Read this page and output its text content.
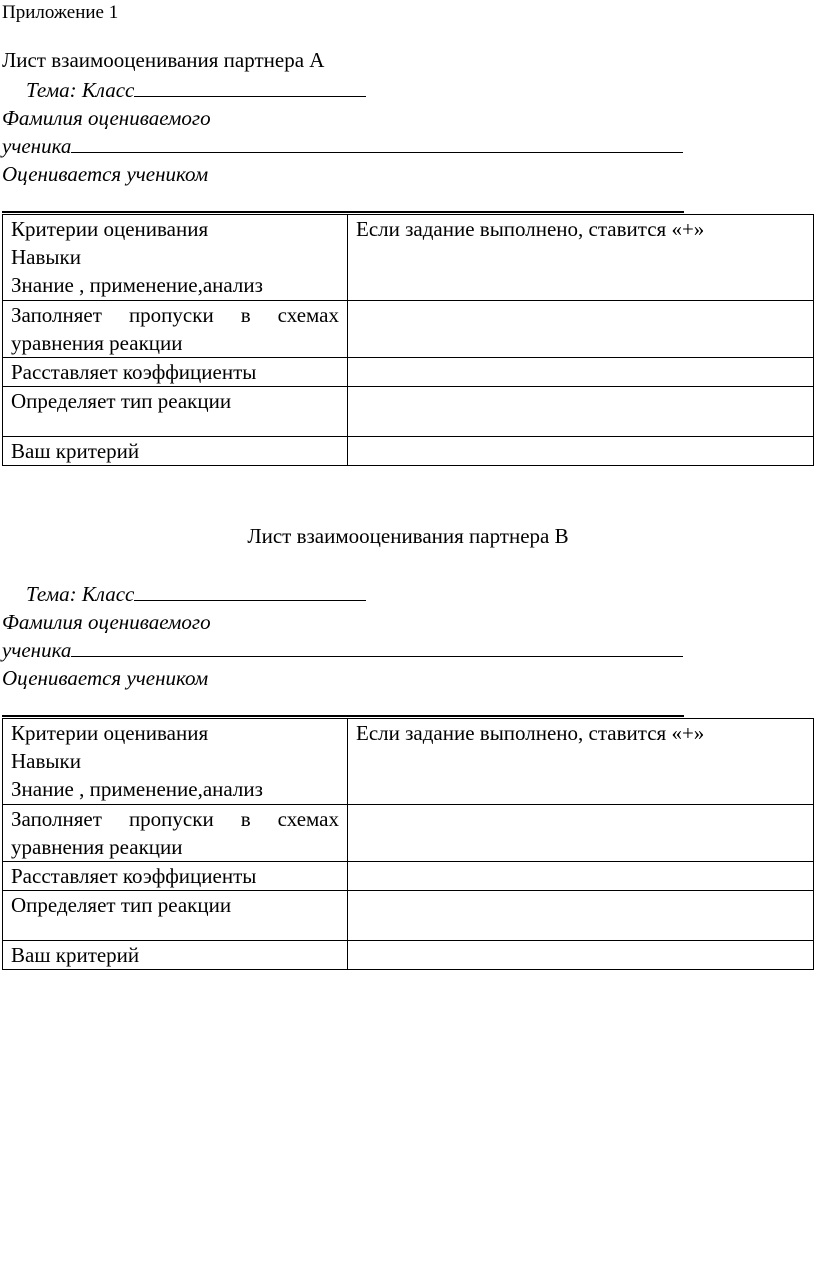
Приложение 1
Лист взаимооценивания партнера А
Тема: Класс
Фамилия оцениваемого
ученика
Оценивается учеником
Критерии оценивания
Навыки
Знание , применение,анализ	Если задание выполнено, ставится «+»
Заполняет пропуски в схемах уравнения реакции	
Расставляет коэффициенты	
Определяет тип реакции	
Ваш критерий	
Лист взаимооценивания партнера В
Тема: Класс
Фамилия оцениваемого
ученика
Оценивается учеником
Критерии оценивания
Навыки
Знание , применение,анализ	Если задание выполнено, ставится «+»
Заполняет пропуски в схемах уравнения реакции	
Расставляет коэффициенты	
Определяет тип реакции	
Ваш критерий	
